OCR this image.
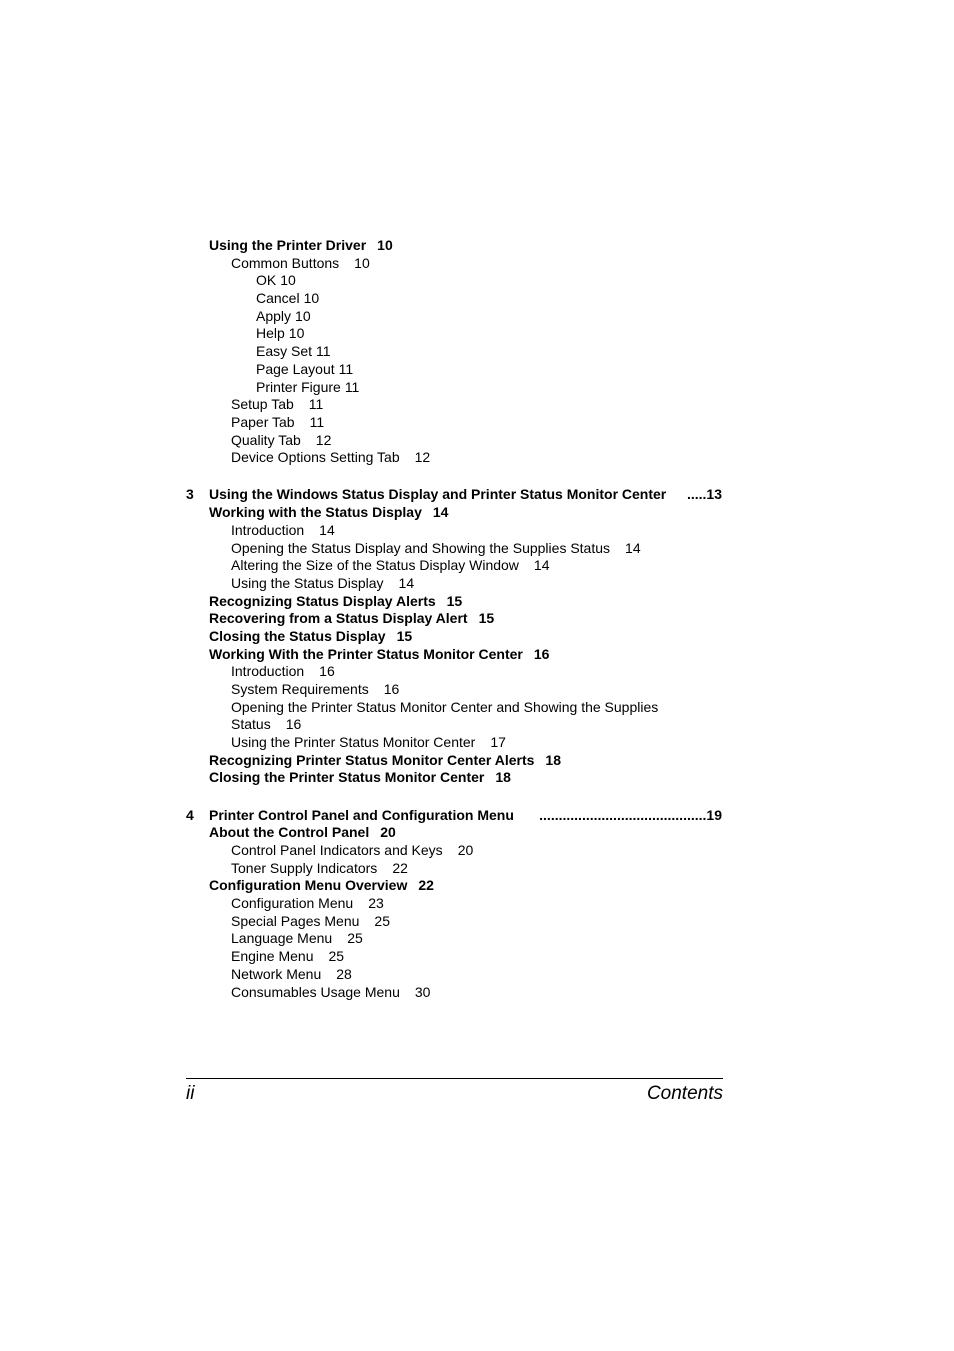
Using the Printer Driver 10
Common Buttons 10
OK 10
Cancel 10
Apply 10
Help 10
Easy Set 11
Page Layout 11
Printer Figure 11
Setup Tab 11
Paper Tab 11
Quality Tab 12
Device Options Setting Tab 12
3	Using the Windows Status Display and Printer Status Monitor Center .....13
Working with the Status Display 14
Introduction 14
Opening the Status Display and Showing the Supplies Status 14
Altering the Size of the Status Display Window 14
Using the Status Display 14
Recognizing Status Display Alerts 15
Recovering from a Status Display Alert 15
Closing the Status Display 15
Working With the Printer Status Monitor Center 16
Introduction 16
System Requirements 16
Opening the Printer Status Monitor Center and Showing the Supplies
Status 16
Using the Printer Status Monitor Center 17
Recognizing Printer Status Monitor Center Alerts 18
Closing the Printer Status Monitor Center 18
4	Printer Control Panel and Configuration Menu ...........................................19
About the Control Panel 20
Control Panel Indicators and Keys 20
Toner Supply Indicators 22
Configuration Menu Overview 22
Configuration Menu 23
Special Pages Menu 25
Language Menu 25
Engine Menu 25
Network Menu 28
Consumables Usage Menu 30
ii	Contents
